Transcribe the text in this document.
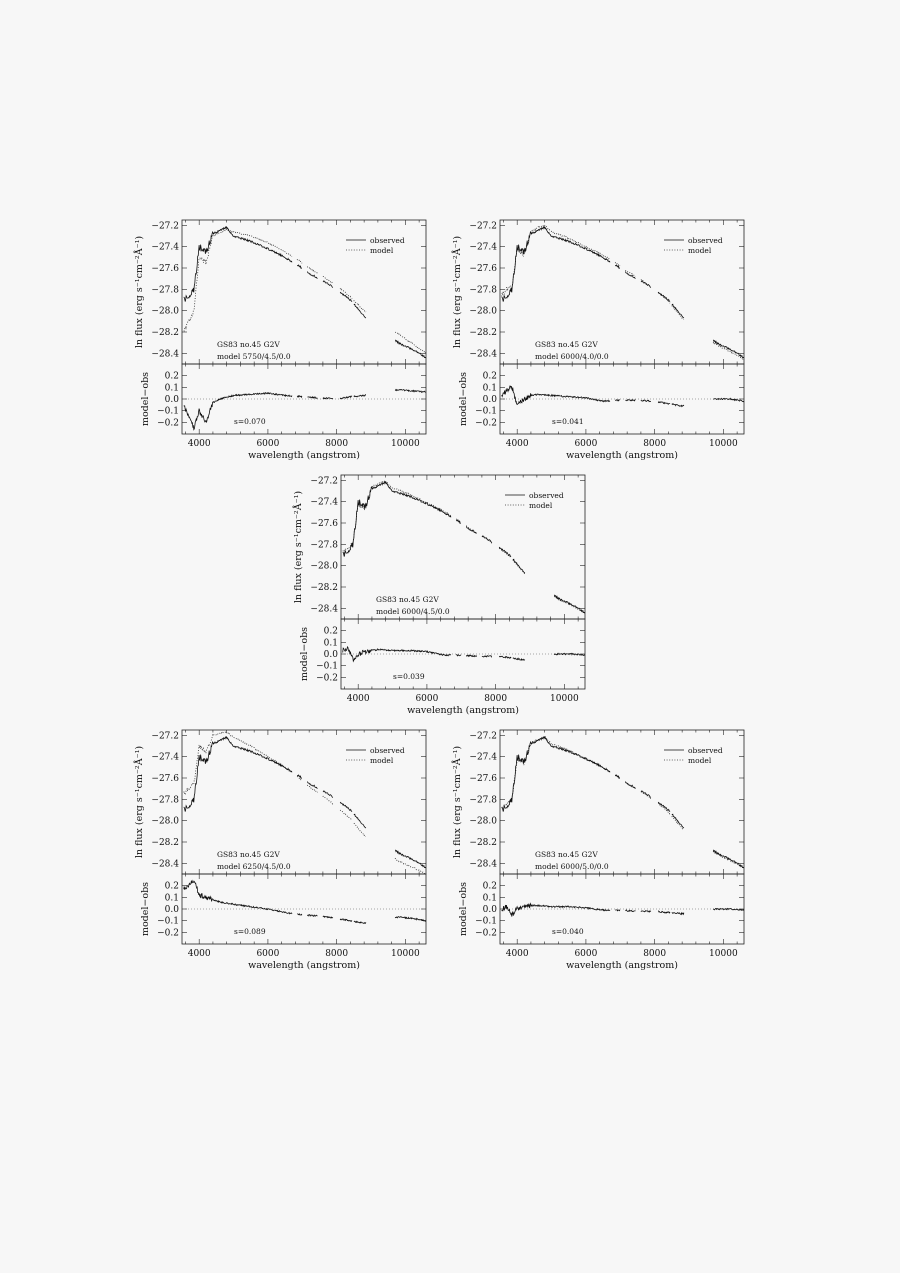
4000	6000	8000	10000
−27.2
−27.4
−27.6
−27.8
−28.0
−28.2
−28.4
0.2
0.1
0.0
−0.1
−0.2
wavelength (angstrom)
ln flux (erg s⁻¹cm⁻²Å⁻¹)
model−obs
observed
model
GS83 no.45 G2V
model 5750/4.5/0.0
s=0.070
4000	6000	8000	10000
−27.2
−27.4
−27.6
−27.8
−28.0
−28.2
−28.4
0.2
0.1
0.0
−0.1
−0.2
wavelength (angstrom)
ln flux (erg s⁻¹cm⁻²Å⁻¹)
model−obs
observed
model
GS83 no.45 G2V
model 6000/4.0/0.0
s=0.041
4000	6000	8000	10000
−27.2
−27.4
−27.6
−27.8
−28.0
−28.2
−28.4
0.2
0.1
0.0
−0.1
−0.2
wavelength (angstrom)
ln flux (erg s⁻¹cm⁻²Å⁻¹)
model−obs
observed
model
GS83 no.45 G2V
model 6000/4.5/0.0
s=0.039
4000	6000	8000	10000
−27.2
−27.4
−27.6
−27.8
−28.0
−28.2
−28.4
0.2
0.1
0.0
−0.1
−0.2
wavelength (angstrom)
ln flux (erg s⁻¹cm⁻²Å⁻¹)
model−obs
observed
model
GS83 no.45 G2V
model 6250/4.5/0.0
s=0.089
4000	6000	8000	10000
−27.2
−27.4
−27.6
−27.8
−28.0
−28.2
−28.4
0.2
0.1
0.0
−0.1
−0.2
wavelength (angstrom)
ln flux (erg s⁻¹cm⁻²Å⁻¹)
model−obs
observed
model
GS83 no.45 G2V
model 6000/5.0/0.0
s=0.040
